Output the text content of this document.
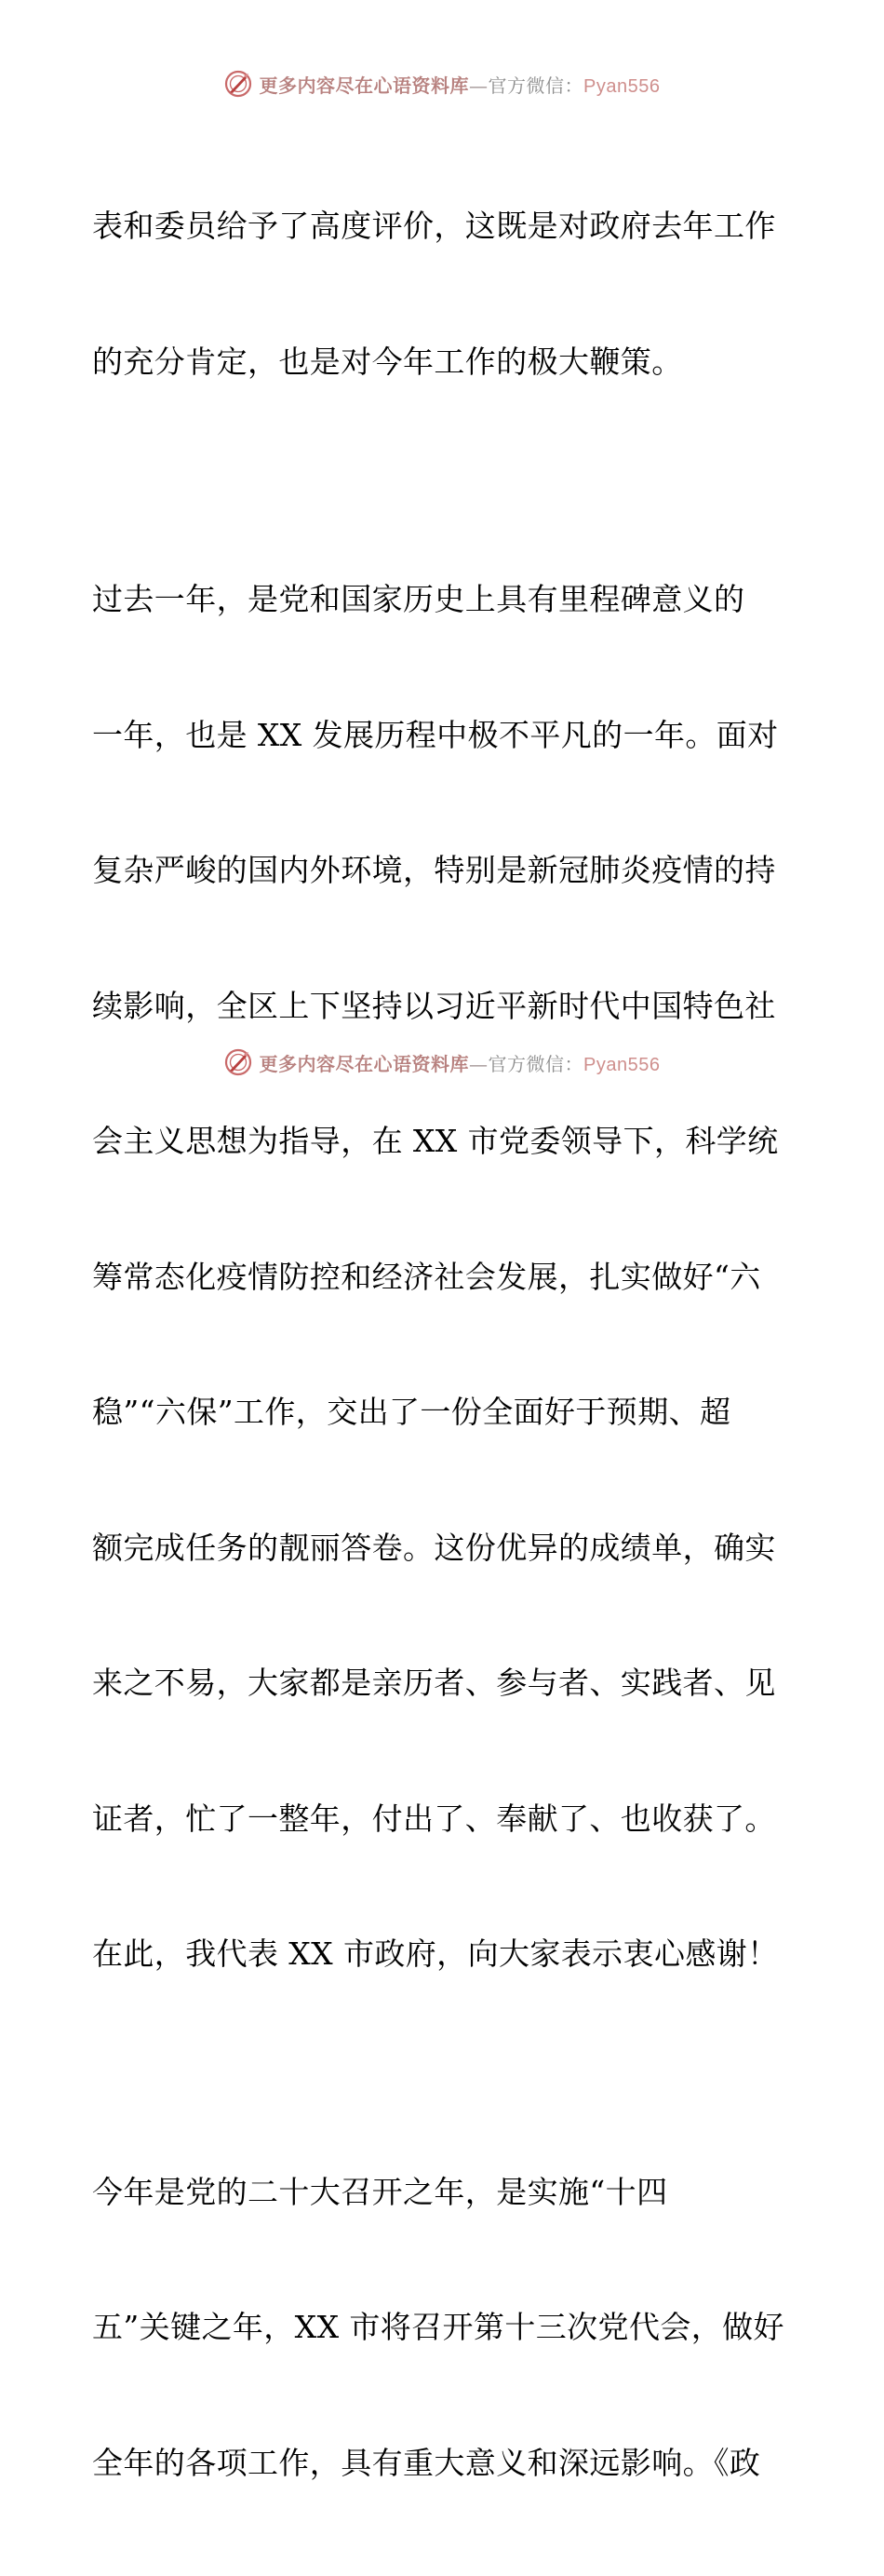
更多内容尽在心语资料库—官方微信：Pyan556

表和委员给予了高度评价，这既是对政府去年工作

的充分肯定，也是对今年工作的极大鞭策。

过去一年，是党和国家历史上具有里程碑意义的

一年，也是 XX 发展历程中极不平凡的一年。面对

复杂严峻的国内外环境，特别是新冠肺炎疫情的持

续影响，全区上下坚持以习近平新时代中国特色社

会主义思想为指导，在 XX 市党委领导下，科学统

筹常态化疫情防控和经济社会发展，扎实做好“六

稳”“六保”工作，交出了一份全面好于预期、超

额完成任务的靓丽答卷。这份优异的成绩单，确实

来之不易，大家都是亲历者、参与者、实践者、见

证者，忙了一整年，付出了、奉献了、也收获了。

在此，我代表 XX 市政府，向大家表示衷心感谢！

今年是党的二十大召开之年，是实施“十四

五”关键之年，XX 市将召开第十三次党代会，做好

全年的各项工作，具有重大意义和深远影响。《政

更多内容尽在心语资料库—官方微信：Pyan556
